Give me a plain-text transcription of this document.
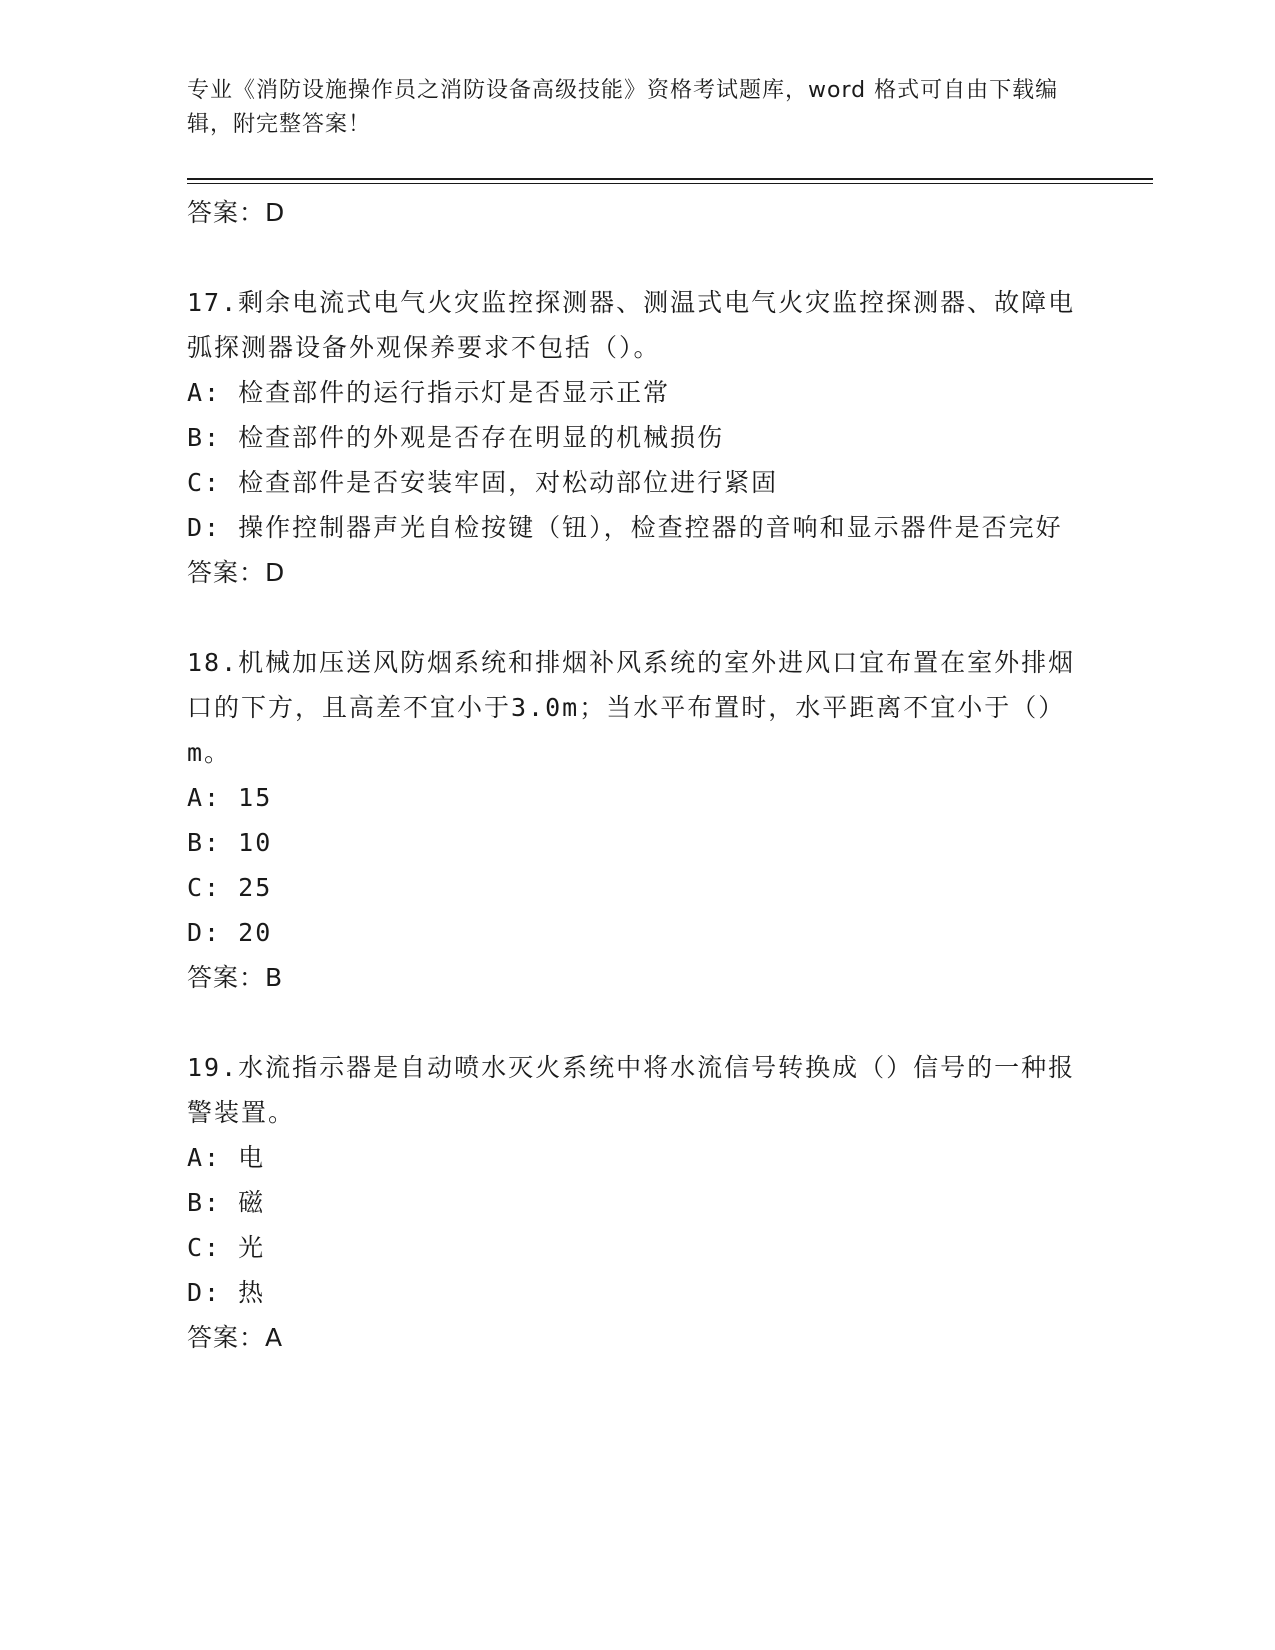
专业《消防设施操作员之消防设备高级技能》资格考试题库，word 格式可自由下载编辑，附完整答案！

答案：D

17.剩余电流式电气火灾监控探测器、测温式电气火灾监控探测器、故障电弧探测器设备外观保养要求不包括（）。

A: 检查部件的运行指示灯是否显示正常

B: 检查部件的外观是否存在明显的机械损伤

C: 检查部件是否安装牢固，对松动部位进行紧固

D: 操作控制器声光自检按键（钮），检查控器的音响和显示器件是否完好

答案：D

18.机械加压送风防烟系统和排烟补风系统的室外进风口宜布置在室外排烟口的下方，且高差不宜小于3.0m；当水平布置时，水平距离不宜小于（）m。

A: 15

B: 10

C: 25

D: 20

答案：B

19.水流指示器是自动喷水灭火系统中将水流信号转换成（）信号的一种报警装置。

A: 电

B: 磁

C: 光

D: 热

答案：A
